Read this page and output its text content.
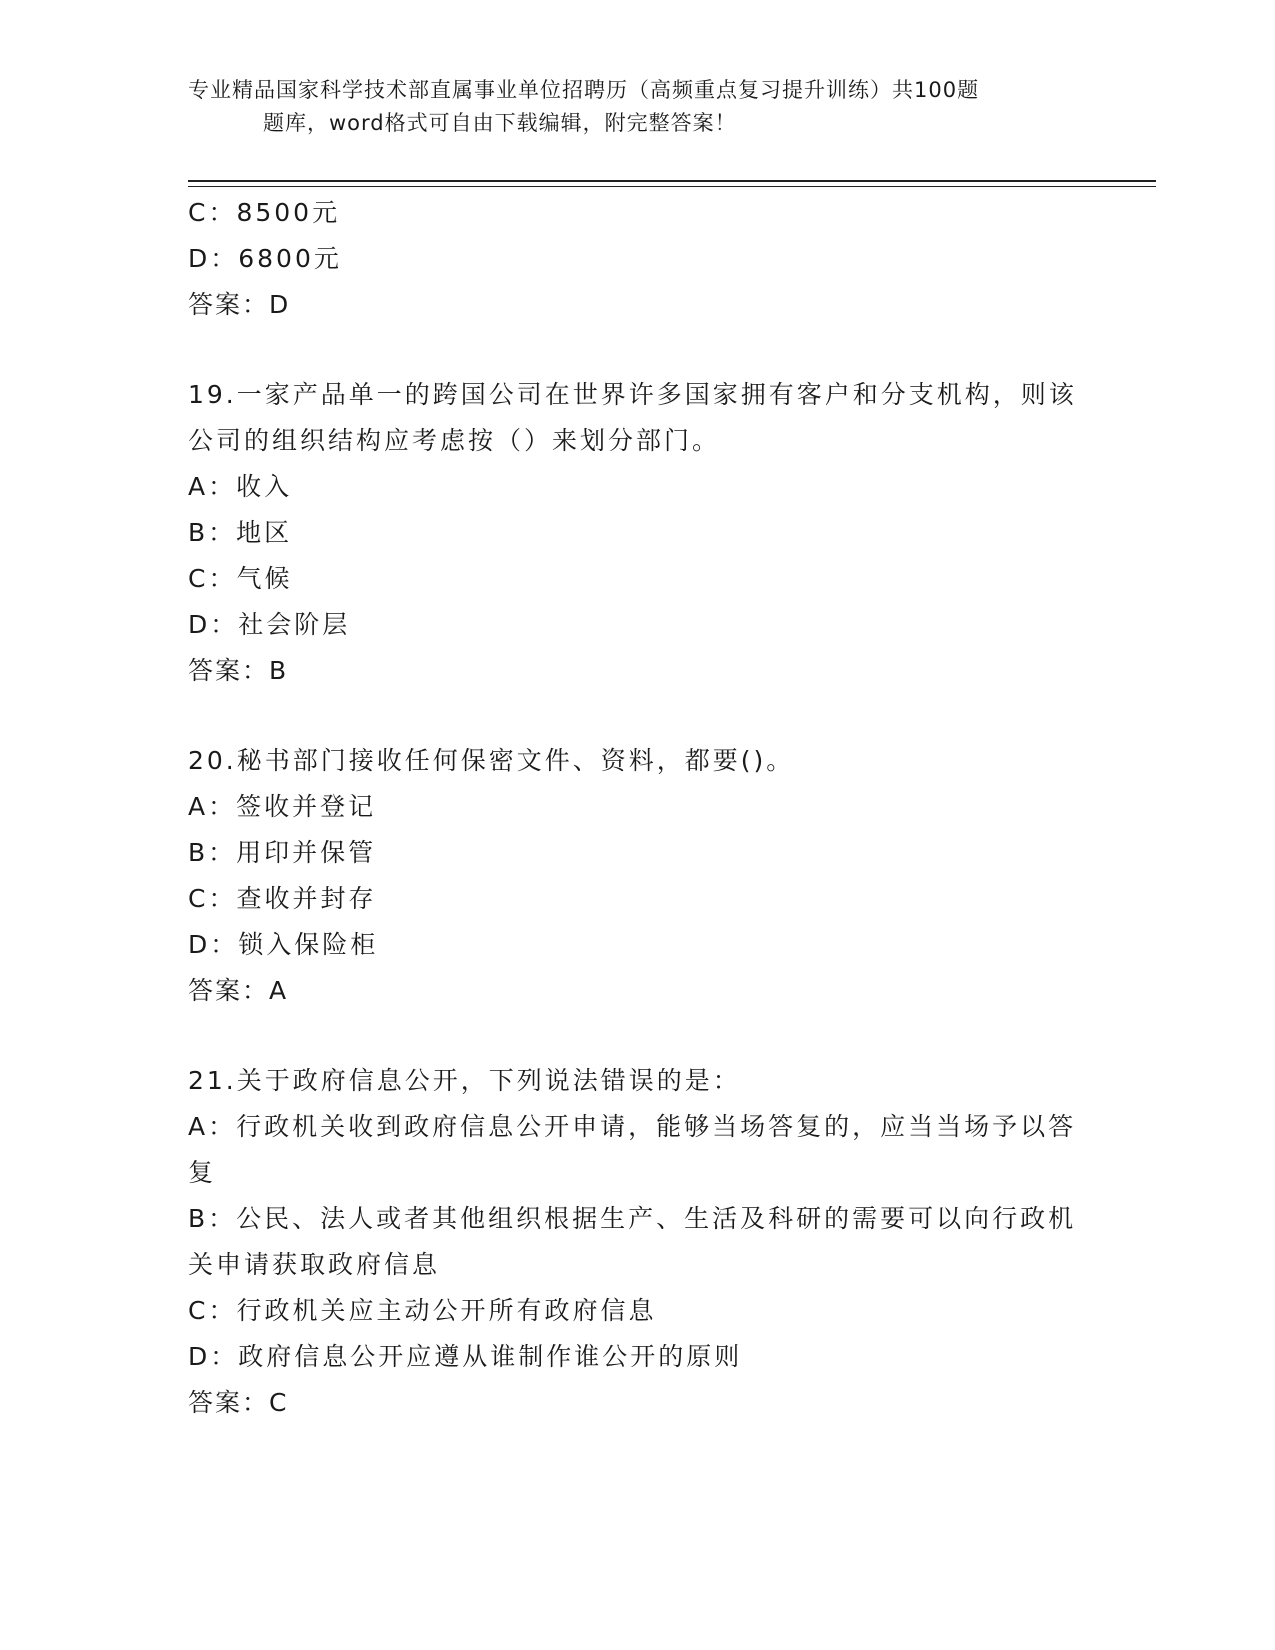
专业精品国家科学技术部直属事业单位招聘历（高频重点复习提升训练）共100题
题库，word格式可自由下载编辑，附完整答案！
C：8500元
D：6800元
答案：D
19.一家产品单一的跨国公司在世界许多国家拥有客户和分支机构，则该公司的组织结构应考虑按（）来划分部门。
A：收入
B：地区
C：气候
D：社会阶层
答案：B
20.秘书部门接收任何保密文件、资料，都要()。
A：签收并登记
B：用印并保管
C：查收并封存
D：锁入保险柜
答案：A
21.关于政府信息公开，下列说法错误的是：
A：行政机关收到政府信息公开申请，能够当场答复的，应当当场予以答复
B：公民、法人或者其他组织根据生产、生活及科研的需要可以向行政机关申请获取政府信息
C：行政机关应主动公开所有政府信息
D：政府信息公开应遵从谁制作谁公开的原则
答案：C
